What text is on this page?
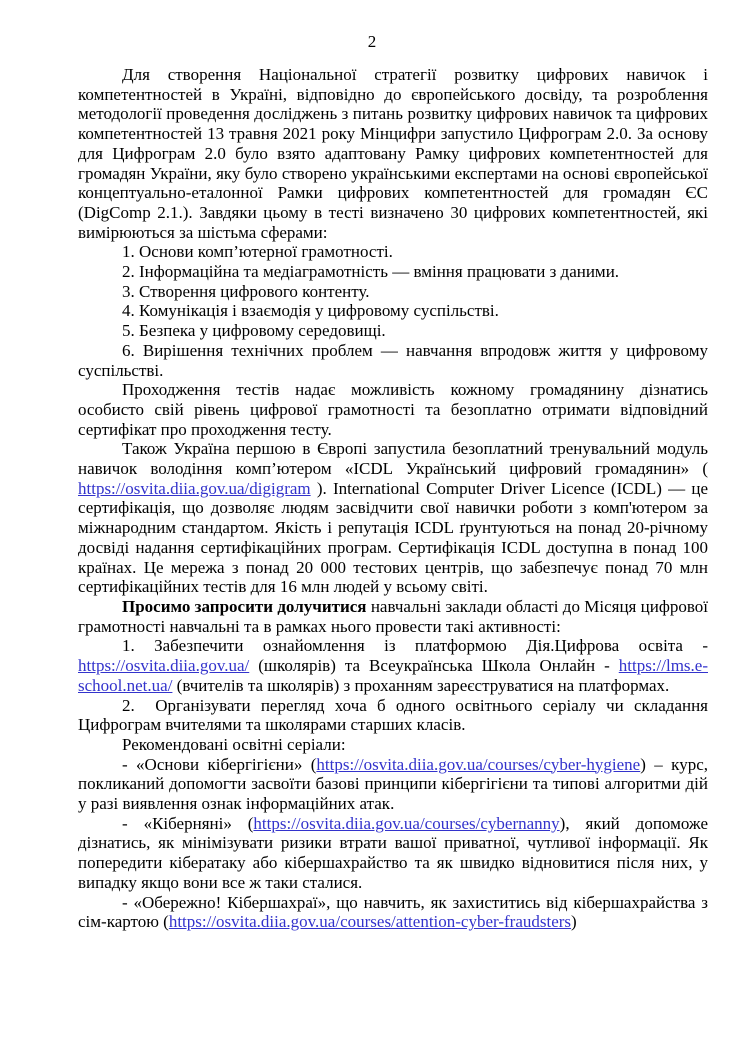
2

Для створення Національної стратегії розвитку цифрових навичок і компетентностей в Україні, відповідно до європейського досвіду, та розроблення методології проведення досліджень з питань розвитку цифрових навичок та цифрових компетентностей 13 травня 2021 року Мінцифри запустило Цифрограм 2.0. За основу для Цифрограм 2.0 було взято адаптовану Рамку цифрових компетентностей для громадян України, яку було створено українськими експертами на основі європейської концептуально-еталонної Рамки цифрових компетентностей для громадян ЄС (DigComp 2.1.). Завдяки цьому в тесті визначено 30 цифрових компетентностей, які вимірюються за шістьма сферами:

1. Основи комп’ютерної грамотності.

2. Інформаційна та медіаграмотність — вміння працювати з даними.

3. Створення цифрового контенту.

4. Комунікація і взаємодія у цифровому суспільстві.

5. Безпека у цифровому середовищі.

6. Вирішення технічних проблем — навчання впродовж життя у цифровому суспільстві.

Проходження тестів надає можливість кожному громадянину дізнатись особисто свій рівень цифрової грамотності та безоплатно отримати відповідний сертифікат про проходження тесту.

Також Україна першою в Європі запустила безоплатний тренувальний модуль навичок володіння комп’ютером «ICDL Український цифровий громадянин» ( https://osvita.diia.gov.ua/digigram ). International Computer Driver Licence (ICDL) — це сертифікація, що дозволяє людям засвідчити свої навички роботи з комп'ютером за міжнародним стандартом. Якість і репутація ICDL ґрунтуються на понад 20-річному досвіді надання сертифікаційних програм. Сертифікація ICDL доступна в понад 100 країнах. Це мережа з понад 20 000 тестових центрів, що забезпечує понад 70 млн сертифікаційних тестів для 16 млн людей у всьому світі.

Просимо запросити долучитися навчальні заклади області до Місяця цифрової грамотності навчальні та в рамках нього провести такі активності:

1. Забезпечити ознайомлення із платформою Дія.Цифрова освіта - https://osvita.diia.gov.ua/ (школярів) та Всеукраїнська Школа Онлайн - https://lms.e-school.net.ua/ (вчителів та школярів) з проханням зареєструватися на платформах.

2.  Організувати перегляд хоча б одного освітнього серіалу чи складання Цифрограм вчителями та школярами старших класів.

Рекомендовані освітні серіали:

- «Основи кібергігієни» (https://osvita.diia.gov.ua/courses/cyber-hygiene) – курс, покликаний допомогти засвоїти базові принципи кібергігієни та типові алгоритми дій у разі виявлення ознак інформаційних атак.

- «Кіберняні» (https://osvita.diia.gov.ua/courses/cybernanny), який допоможе дізнатись, як мінімізувати ризики втрати вашої приватної, чутливої інформації. Як попередити кібератаку або кібершахрайство та як швидко відновитися після них, у випадку якщо вони все ж таки сталися.

- «Обережно! Кібершахраї», що навчить, як захиститись від кібершахрайства з сім-картою (https://osvita.diia.gov.ua/courses/attention-cyber-fraudsters)
